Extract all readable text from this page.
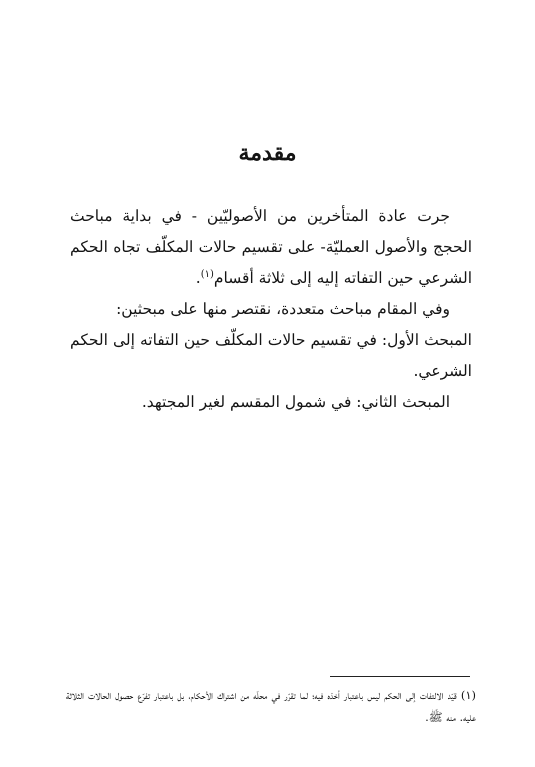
مقدمة

جرت عادة المتأخرين من الأصوليّين - في بداية مباحث الحجج والأصول العمليّة- على تقسيم حالات المكلّف تجاه الحكم الشرعي حين التفاته إليه إلى ثلاثة أقسام$^{(١)}$.

وفي المقام مباحث متعددة، نقتصر منها على مبحثين:

المبحث الأول: في تقسيم حالات المكلّف حين التفاته إلى الحكم الشرعي.

المبحث الثاني: في شمول المقسم لغير المجتهد.

(١) قيّد الالتفات إلى الحكم ليس باعتبار أخذه فيه؛ لما تقرّر في محلّه من اشتراك الأحكام، بل باعتبار تفرّع حصول الحالات الثلاثة عليه. منه ﷺ.
